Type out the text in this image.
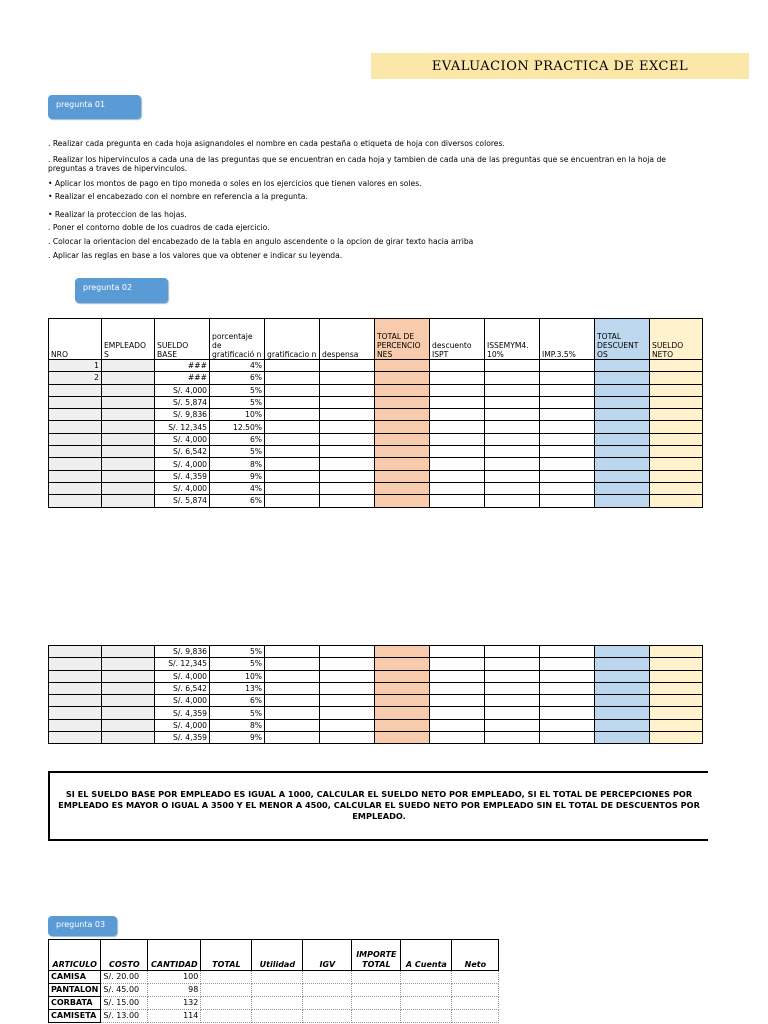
EVALUACION PRACTICA DE EXCEL
pregunta 01
. Realizar cada pregunta en cada hoja asignandoles el nombre en cada pestaña o etiqueta de hoja con diversos colores.
. Realizar los hipervinculos a cada una de las preguntas que se encuentran en cada hoja y tambien de cada una de las preguntas que se encuentran en la hoja de preguntas a traves de hipervinculos.
• Aplicar los montos de pago en tipo moneda o soles en los ejercicios que tienen valores en soles.
• Realizar el encabezado con el nombre en referencia a la pregunta.
• Realizar la proteccion de las hojas.
. Poner el contorno doble de los cuadros de cada ejercicio.
. Colocar la orientacion del encabezado de la tabla en angulo ascendente o la opcion de girar texto hacia arriba
. Aplicar las reglas en base a los valores que va obtener e indicar su leyenda.
pregunta 02
NRO	EMPLEADO S	SUELDO BASE	porcentaje de gratificació n	gratificacio n	despensa	TOTAL DE PERCENCIO NES	descuento ISPT	ISSEMYM4. 10%	IMP.3.5%	TOTAL DESCUENT OS	SUELDO NETO
1		###	4%								
2		###	6%								
		S/. 4,000	5%								
		S/. 5,874	5%								
		S/. 9,836	10%								
		S/. 12,345	12.50%								
		S/. 4,000	6%								
		S/. 6,542	5%								
		S/. 4,000	8%								
		S/. 4,359	9%								
		S/. 4,000	4%								
		S/. 5,874	6%								
		S/. 9,836	5%								
		S/. 12,345	5%								
		S/. 4,000	10%								
		S/. 6,542	13%								
		S/. 4,000	6%								
		S/. 4,359	5%								
		S/. 4,000	8%								
		S/. 4,359	9%								
SI EL SUELDO BASE POR EMPLEADO ES IGUAL A 1000, CALCULAR EL SUELDO NETO POR EMPLEADO, SI EL TOTAL DE PERCEPCIONES POR
EMPLEADO ES MAYOR O IGUAL A 3500 Y EL MENOR A 4500, CALCULAR EL SUEDO NETO POR EMPLEADO SIN EL TOTAL DE DESCUENTOS POR
EMPLEADO.
pregunta 03
ARTICULO	COSTO	CANTIDAD	TOTAL	Utilidad	IGV	IMPORTE TOTAL	A Cuenta	Neto
CAMISA	S/. 20.00	100						
PANTALON	S/. 45.00	98						
CORBATA	S/. 15.00	132						
CAMISETA	S/. 13.00	114						
